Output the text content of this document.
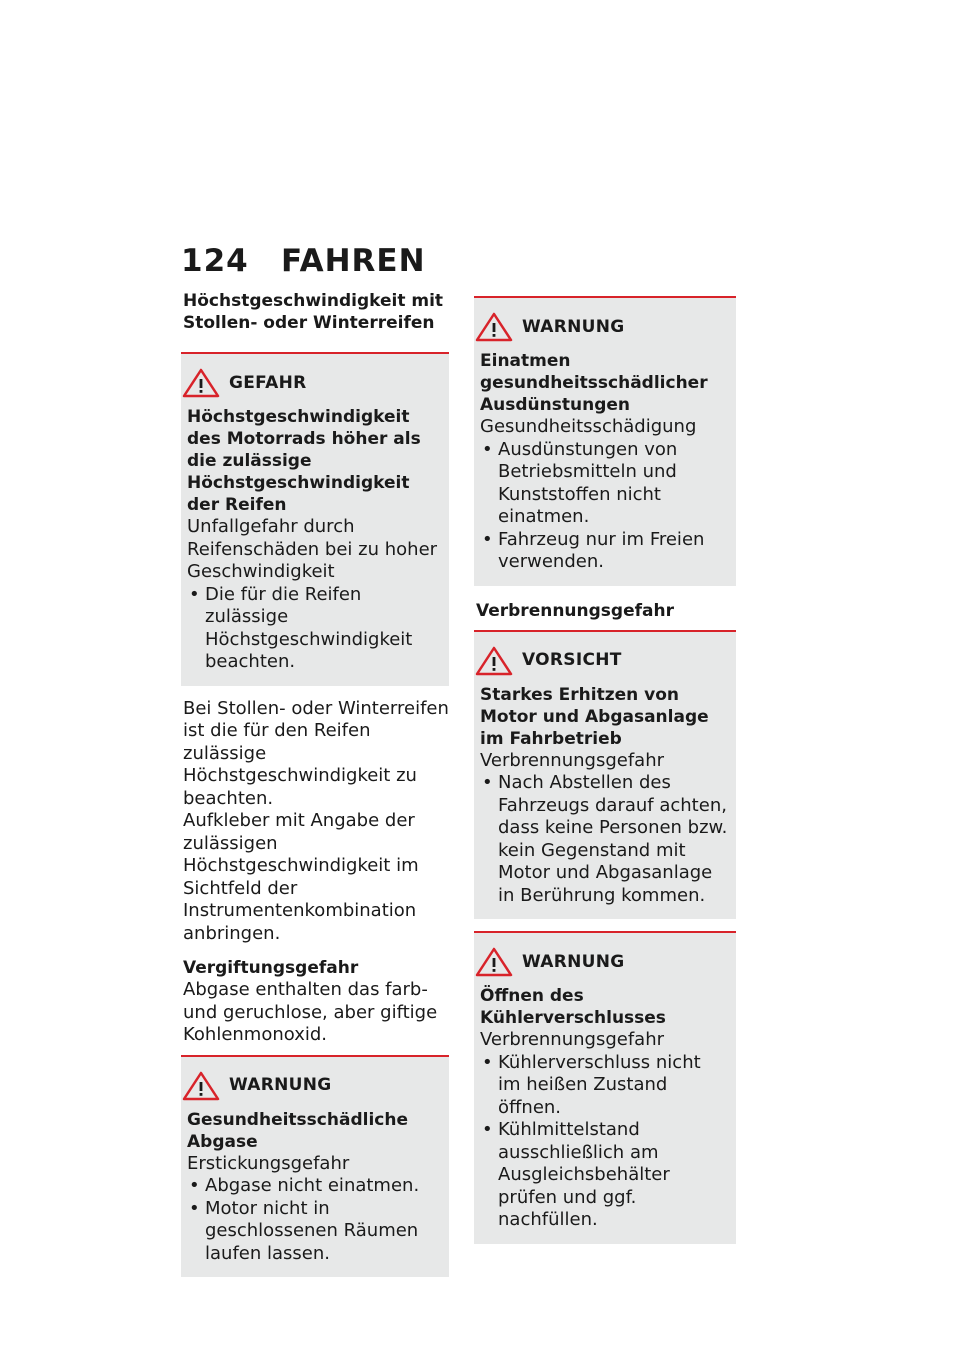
124 FAHREN
Höchstgeschwindigkeit mit Stollen- oder Winterreifen
GEFAHR
Höchstgeschwindigkeit des Motorrads höher als die zulässige Höchstgeschwindigkeit der Reifen
Unfallgefahr durch Reifenschäden bei zu hoher Geschwindigkeit
• Die für die Reifen zulässige Höchstgeschwindigkeit beachten.

Bei Stollen- oder Winterreifen ist die für den Reifen zulässige Höchstgeschwindigkeit zu beachten.

Aufkleber mit Angabe der zulässigen Höchstgeschwindigkeit im Sichtfeld der Instrumentenkombination anbringen.

Vergiftungsgefahr

Abgase enthalten das farb- und geruchlose, aber giftige Kohlenmonoxid.

WARNUNG
Gesundheitsschädliche Abgase
Erstickungsgefahr
• Abgase nicht einatmen.
• Motor nicht in geschlossenen Räumen laufen lassen.
WARNUNG
Einatmen gesundheitsschädlicher Ausdünstungen
Gesundheitsschädigung
• Ausdünstungen von Betriebsmitteln und Kunststoffen nicht einatmen.
• Fahrzeug nur im Freien verwenden.
Verbrennungsgefahr
VORSICHT
Starkes Erhitzen von Motor und Abgasanlage im Fahrbetrieb
Verbrennungsgefahr
• Nach Abstellen des Fahrzeugs darauf achten, dass keine Personen bzw. kein Gegenstand mit Motor und Abgasanlage in Berührung kommen.
WARNUNG
Öffnen des Kühlerverschlusses
Verbrennungsgefahr
• Kühlerverschluss nicht im heißen Zustand öffnen.
• Kühlmittelstand ausschließlich am Ausgleichsbehälter prüfen und ggf. nachfüllen.
